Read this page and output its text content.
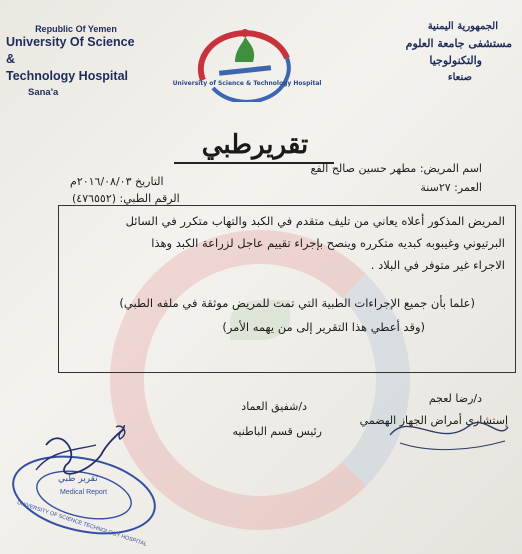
Republic Of Yemen
University Of Science &
Technology Hospital
Sana'a
الجمهورية اليمنية
مستشفى جامعة العلوم
والتكنولوجيا
صنعاء
University of Science & Technology Hospital
تقريرطبي
اسم المريض: مطهر حسين صالح الفع
التاريخ ٢٠١٦/٠٨/٠٣م	العمر: ٢٧سنة
الرقم الطبي: (٤٧٦٥٥٢)
المريض المذكور أعلاه يعاني من تليف متقدم في الكبد والتهاب متكرر في السائل
البرتيوني وغيبوبه كبديه متكرره وينصح بإجراء تقييم عاجل لزراعة الكبد وهذا
الاجراء غير متوفر في البلاد .
(علما بأن جميع الإجراءات الطبية التي تمت للمريض موثقة في ملفه الطبي)
(وقد أعطي هذا التقرير إلى من يهمه الأمر)
د/رضا لعجم
إستشاري أمراض الجهاز الهضمي
د/شفيق العماد
رئيس قسم الباطنيه
تقرير طبي
Medical Report
UNIVERSITY OF SCIENCE TECHNOLOGY HOSPITAL
